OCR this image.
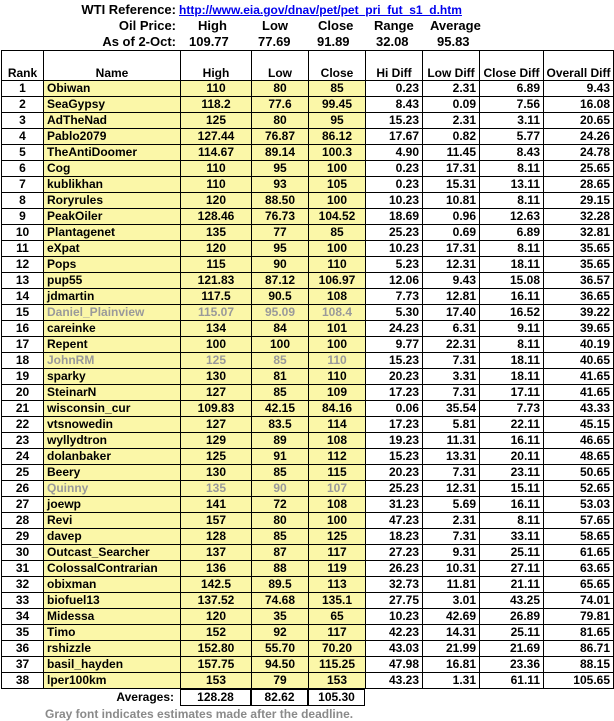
WTI Reference: http://www.eia.gov/dnav/pet/pet_pri_fut_s1_d.htm
Oil Price: High	Low Close Range Average
As of 2-Oct: 109.77 77.69 91.89 32.08 95.83
Rank	Name	High	Low	Close	Hi Diff	Low Diff	Close Diff	Overall Diff
1	Obiwan	110	80	85	0.23	2.31	6.89	9.43
2	SeaGypsy	118.2	77.6	99.45	8.43	0.09	7.56	16.08
3	AdTheNad	125	80	95	15.23	2.31	3.11	20.65
4	Pablo2079	127.44	76.87	86.12	17.67	0.82	5.77	24.26
5	TheAntiDoomer	114.67	89.14	100.3	4.90	11.45	8.43	24.78
6	Cog	110	95	100	0.23	17.31	8.11	25.65
7	kublikhan	110	93	105	0.23	15.31	13.11	28.65
8	Roryrules	120	88.50	100	10.23	10.81	8.11	29.15
9	PeakOiler	128.46	76.73	104.52	18.69	0.96	12.63	32.28
10	Plantagenet	135	77	85	25.23	0.69	6.89	32.81
11	eXpat	120	95	100	10.23	17.31	8.11	35.65
12	Pops	115	90	110	5.23	12.31	18.11	35.65
13	pup55	121.83	87.12	106.97	12.06	9.43	15.08	36.57
14	jdmartin	117.5	90.5	108	7.73	12.81	16.11	36.65
15	Daniel_Plainview	115.07	95.09	108.4	5.30	17.40	16.52	39.22
16	careinke	134	84	101	24.23	6.31	9.11	39.65
17	Repent	100	100	100	9.77	22.31	8.11	40.19
18	JohnRM	125	85	110	15.23	7.31	18.11	40.65
19	sparky	130	81	110	20.23	3.31	18.11	41.65
20	SteinarN	127	85	109	17.23	7.31	17.11	41.65
21	wisconsin_cur	109.83	42.15	84.16	0.06	35.54	7.73	43.33
22	vtsnowedin	127	83.5	114	17.23	5.81	22.11	45.15
23	wyllydtron	129	89	108	19.23	11.31	16.11	46.65
24	dolanbaker	125	91	112	15.23	13.31	20.11	48.65
25	Beery	130	85	115	20.23	7.31	23.11	50.65
26	Quinny	135	90	107	25.23	12.31	15.11	52.65
27	joewp	141	72	108	31.23	5.69	16.11	53.03
28	Revi	157	80	100	47.23	2.31	8.11	57.65
29	davep	128	85	125	18.23	7.31	33.11	58.65
30	Outcast_Searcher	137	87	117	27.23	9.31	25.11	61.65
31	ColossalContrarian	136	88	119	26.23	10.31	27.11	63.65
32	obixman	142.5	89.5	113	32.73	11.81	21.11	65.65
33	biofuel13	137.52	74.68	135.1	27.75	3.01	43.25	74.01
34	Midessa	120	35	65	10.23	42.69	26.89	79.81
35	Timo	152	92	117	42.23	14.31	25.11	81.65
36	rshizzle	152.80	55.70	70.20	43.03	21.99	21.69	86.71
37	basil_hayden	157.75	94.50	115.25	47.98	16.81	23.36	88.15
38	lper100km	153	79	153	43.23	1.31	61.11	105.65
Averages:	128.28	82.62	105.30
Gray font indicates estimates made after the deadline.
